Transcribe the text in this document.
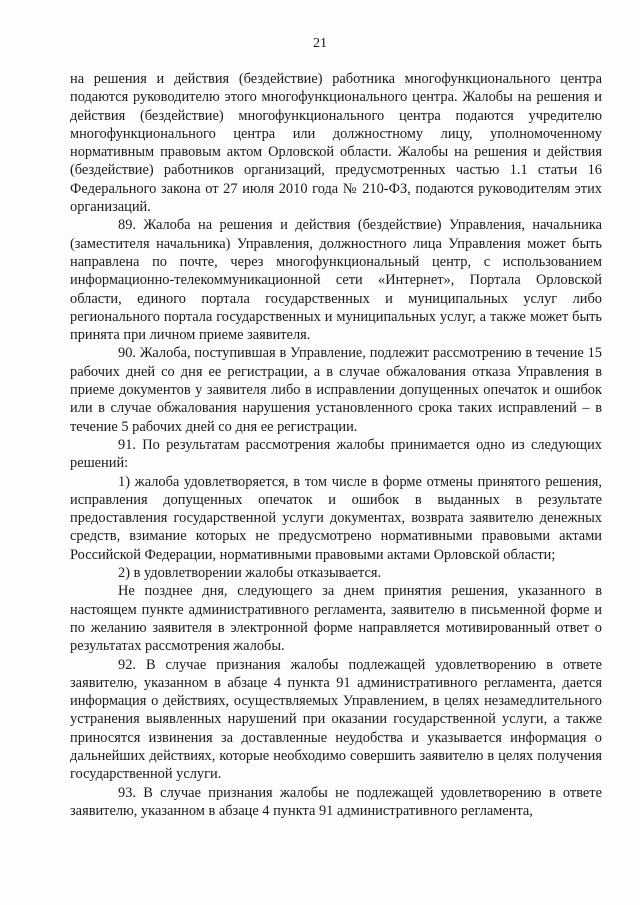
21

на решения и действия (бездействие) работника многофункционального центра подаются руководителю этого многофункционального центра. Жалобы на решения и действия (бездействие) многофункционального центра подаются учредителю многофункционального центра или должностному лицу, уполномоченному нормативным правовым актом Орловской области. Жалобы на решения и действия (бездействие) работников организаций, предусмотренных частью 1.1 статьи 16 Федерального закона от 27 июля 2010 года № 210-ФЗ, подаются руководителям этих организаций.

89. Жалоба на решения и действия (бездействие) Управления, начальника (заместителя начальника) Управления, должностного лица Управления может быть направлена по почте, через многофункциональный центр, с использованием информационно-телекоммуникационной сети «Интернет», Портала Орловской области, единого портала государственных и муниципальных услуг либо регионального портала государственных и муниципальных услуг, а также может быть принята при личном приеме заявителя.

90. Жалоба, поступившая в Управление, подлежит рассмотрению в течение 15 рабочих дней со дня ее регистрации, а в случае обжалования отказа Управления в приеме документов у заявителя либо в исправлении допущенных опечаток и ошибок или в случае обжалования нарушения установленного срока таких исправлений – в течение 5 рабочих дней со дня ее регистрации.

91. По результатам рассмотрения жалобы принимается одно из следующих решений:

1) жалоба удовлетворяется, в том числе в форме отмены принятого решения, исправления допущенных опечаток и ошибок в выданных в результате предоставления государственной услуги документах, возврата заявителю денежных средств, взимание которых не предусмотрено нормативными правовыми актами Российской Федерации, нормативными правовыми актами Орловской области;

2) в удовлетворении жалобы отказывается.

Не позднее дня, следующего за днем принятия решения, указанного в настоящем пункте административного регламента, заявителю в письменной форме и по желанию заявителя в электронной форме направляется мотивированный ответ о результатах рассмотрения жалобы.

92. В случае признания жалобы подлежащей удовлетворению в ответе заявителю, указанном в абзаце 4 пункта 91 административного регламента, дается информация о действиях, осуществляемых Управлением, в целях незамедлительного устранения выявленных нарушений при оказании государственной услуги, а также приносятся извинения за доставленные неудобства и указывается информация о дальнейших действиях, которые необходимо совершить заявителю в целях получения государственной услуги.

93. В случае признания жалобы не подлежащей удовлетворению в ответе заявителю, указанном в абзаце 4 пункта 91 административного регламента,
